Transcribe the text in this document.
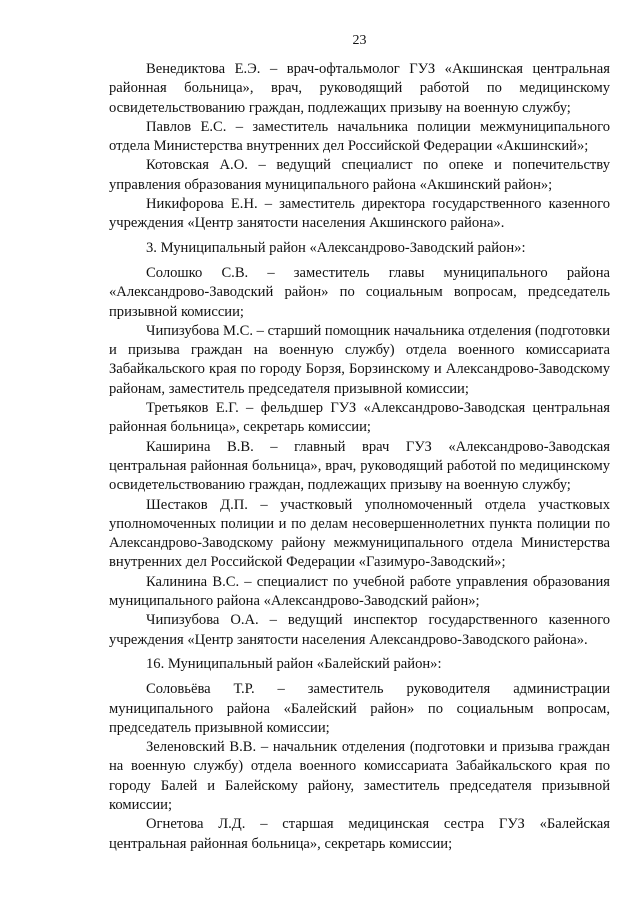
23

Венедиктова Е.Э. – врач-офтальмолог ГУЗ «Акшинская центральная районная больница», врач, руководящий работой по медицинскому освидетельствованию граждан, подлежащих призыву на военную службу;

Павлов Е.С. – заместитель начальника полиции межмуниципального отдела Министерства внутренних дел Российской Федерации «Акшинский»;

Котовская А.О. – ведущий специалист по опеке и попечительству управления образования муниципального района «Акшинский район»;

Никифорова Е.Н. – заместитель директора государственного казенного учреждения «Центр занятости населения Акшинского района».

3. Муниципальный район «Александрово-Заводский район»:

Солошко С.В. – заместитель главы муниципального района «Александрово-Заводский район» по социальным вопросам, председатель призывной комиссии;

Чипизубова М.С. – старший помощник начальника отделения (подготовки и призыва граждан на военную службу) отдела военного комиссариата Забайкальского края по городу Борзя, Борзинскому и Александрово-Заводскому районам, заместитель председателя призывной комиссии;

Третьяков Е.Г. – фельдшер ГУЗ «Александрово-Заводская центральная районная больница», секретарь комиссии;

Каширина В.В. – главный врач ГУЗ «Александрово-Заводская центральная районная больница», врач, руководящий работой по медицинскому освидетельствованию граждан, подлежащих призыву на военную службу;

Шестаков Д.П. – участковый уполномоченный отдела участковых уполномоченных полиции и по делам несовершеннолетних пункта полиции по Александрово-Заводскому району межмуниципального отдела Министерства внутренних дел Российской Федерации «Газимуро-Заводский»;

Калинина В.С. – специалист по учебной работе управления образования муниципального района «Александрово-Заводский район»;

Чипизубова О.А. – ведущий инспектор государственного казенного учреждения «Центр занятости населения Александрово-Заводского района».

16. Муниципальный район «Балейский район»:

Соловьёва Т.Р. – заместитель руководителя администрации муниципального района «Балейский район» по социальным вопросам, председатель призывной комиссии;

Зеленовский В.В. – начальник отделения (подготовки и призыва граждан на военную службу) отдела военного комиссариата Забайкальского края по городу Балей и Балейскому району, заместитель председателя призывной комиссии;

Огнетова Л.Д. – старшая медицинская сестра ГУЗ «Балейская центральная районная больница», секретарь комиссии;
